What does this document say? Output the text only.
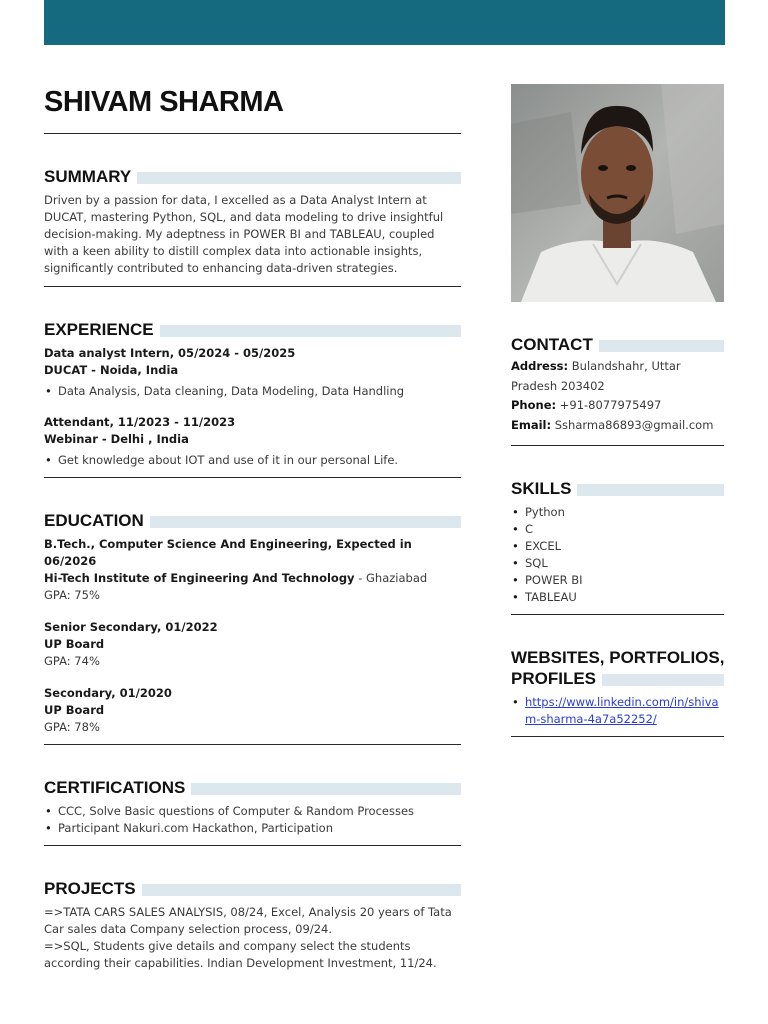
SHIVAM SHARMA
SUMMARY
Driven by a passion for data, I excelled as a Data Analyst Intern at DUCAT, mastering Python, SQL, and data modeling to drive insightful decision-making. My adeptness in POWER BI and TABLEAU, coupled with a keen ability to distill complex data into actionable insights, significantly contributed to enhancing data-driven strategies.
EXPERIENCE
Data analyst Intern, 05/2024 - 05/2025
DUCAT - Noida, India
• Data Analysis, Data cleaning, Data Modeling, Data Handling
Attendant, 11/2023 - 11/2023
Webinar - Delhi , India
• Get knowledge about IOT and use of it in our personal Life.
EDUCATION
B.Tech., Computer Science And Engineering, Expected in 06/2026
Hi-Tech Institute of Engineering And Technology - Ghaziabad
GPA: 75%
Senior Secondary, 01/2022
UP Board
GPA: 74%
Secondary, 01/2020
UP Board
GPA: 78%
CERTIFICATIONS
• CCC, Solve Basic questions of Computer & Random Processes
• Participant Nakuri.com Hackathon, Participation
PROJECTS
=>TATA CARS SALES ANALYSIS, 08/24, Excel, Analysis 20 years of Tata Car sales data Company selection process, 09/24.
=>SQL, Students give details and company select the students according their capabilities. Indian Development Investment, 11/24.
CONTACT
Address: Bulandshahr, Uttar Pradesh 203402
Phone: +91-8077975497
Email: Ssharma86893@gmail.com
SKILLS
• Python
• C
• EXCEL
• SQL
• POWER BI
• TABLEAU
WEBSITES, PORTFOLIOS,
PROFILES
• https://www.linkedin.com/in/shivam-sharma-4a7a52252/
